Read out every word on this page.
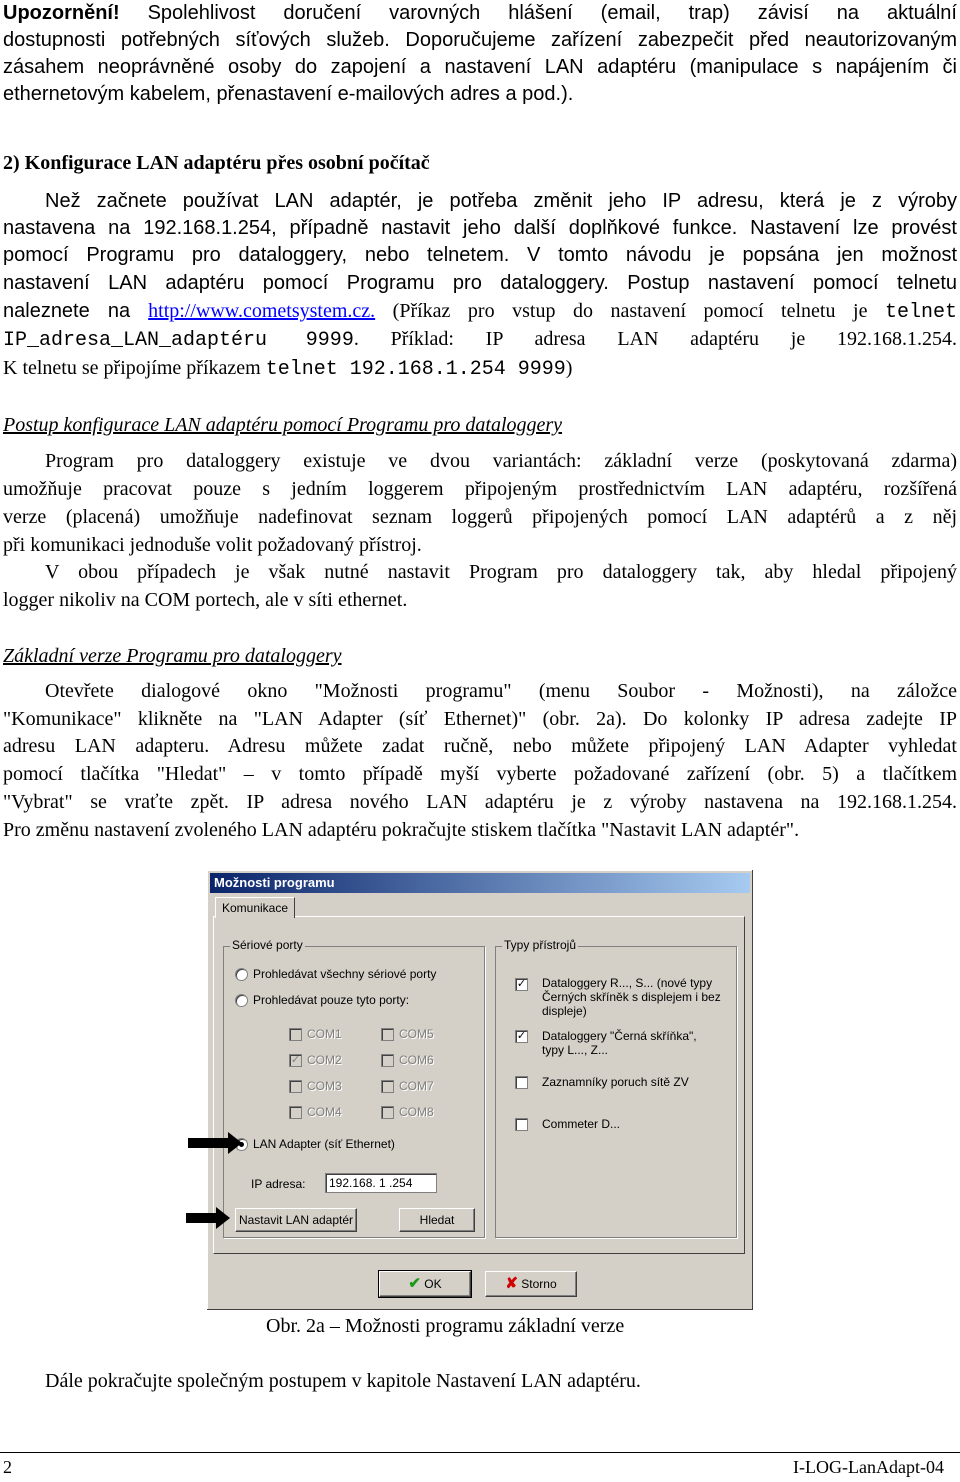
Upozornění! Spolehlivost doručení varovných hlášení (email, trap) závisí na aktuální
dostupnosti potřebných síťových služeb. Doporučujeme zařízení zabezpečit před neautorizovaným
zásahem neoprávněné osoby do zapojení a nastavení LAN adaptéru (manipulace s napájením či
ethernetovým kabelem, přenastavení e-mailových adres a pod.).
2) Konfigurace LAN adaptéru přes osobní počítač
Než začnete používat LAN adaptér, je potřeba změnit jeho IP adresu, která je z výroby
nastavena na 192.168.1.254, případně nastavit jeho další doplňkové funkce. Nastavení lze provést
pomocí Programu pro dataloggery, nebo telnetem. V tomto návodu je popsána jen možnost
nastavení LAN adaptéru pomocí Programu pro dataloggery. Postup nastavení pomocí telnetu
naleznete na http://www.cometsystem.cz. (Příkaz pro vstup do nastavení pomocí telnetu je telnet
IP_adresa_LAN_adaptéru 9999. Příklad: IP adresa LAN adaptéru je 192.168.1.254.
K telnetu se připojíme příkazem telnet 192.168.1.254 9999)
Postup konfigurace LAN adaptéru pomocí Programu pro dataloggery
Program pro dataloggery existuje ve dvou variantách: základní verze (poskytovaná zdarma)
umožňuje pracovat pouze s jedním loggerem připojeným prostřednictvím LAN adaptéru, rozšířená
verze (placená) umožňuje nadefinovat seznam loggerů připojených pomocí LAN adaptérů a z něj
při komunikaci jednoduše volit požadovaný přístroj.
V obou případech je však nutné nastavit Program pro dataloggery tak, aby hledal připojený
logger nikoliv na COM portech, ale v síti ethernet.
Základní verze Programu pro dataloggery
Otevřete dialogové okno "Možnosti programu" (menu Soubor - Možnosti), na záložce
"Komunikace" klikněte na "LAN Adapter (síť Ethernet)" (obr. 2a). Do kolonky IP adresa zadejte IP
adresu LAN adapteru. Adresu můžete zadat ručně, nebo můžete připojený LAN Adapter vyhledat
pomocí tlačítka "Hledat" – v tomto případě myší vyberte požadované zařízení (obr. 5) a tlačítkem
"Vybrat" se vraťte zpět. IP adresa nového LAN adaptéru je z výroby nastavena na 192.168.1.254.
Pro změnu nastavení zvoleného LAN adaptéru pokračujte stiskem tlačítka "Nastavit LAN adaptér".
Možnosti programu
Komunikace
Sériové porty
Prohledávat všechny sériové porty
Prohledávat pouze tyto porty:
COM1
✓ COM2
COM3
COM4
COM5
COM6
COM7
COM8
LAN Adapter (síť Ethernet)
IP adresa:	192.168. 1 .254
Nastavit LAN adaptér	Hledat
Typy přístrojů
✓ Dataloggery R..., S... (nové typy
Černých skříněk s displejem i bez
displeje)
✓ Dataloggery "Černá skříňka",
typy L..., Z...
Zaznamníky poruch sítě ZV
Commeter D...
✔ OK	✘ Storno
Obr. 2a – Možnosti programu základní verze
Dále pokračujte společným postupem v kapitole Nastavení LAN adaptéru.
2	I-LOG-LanAdapt-04
